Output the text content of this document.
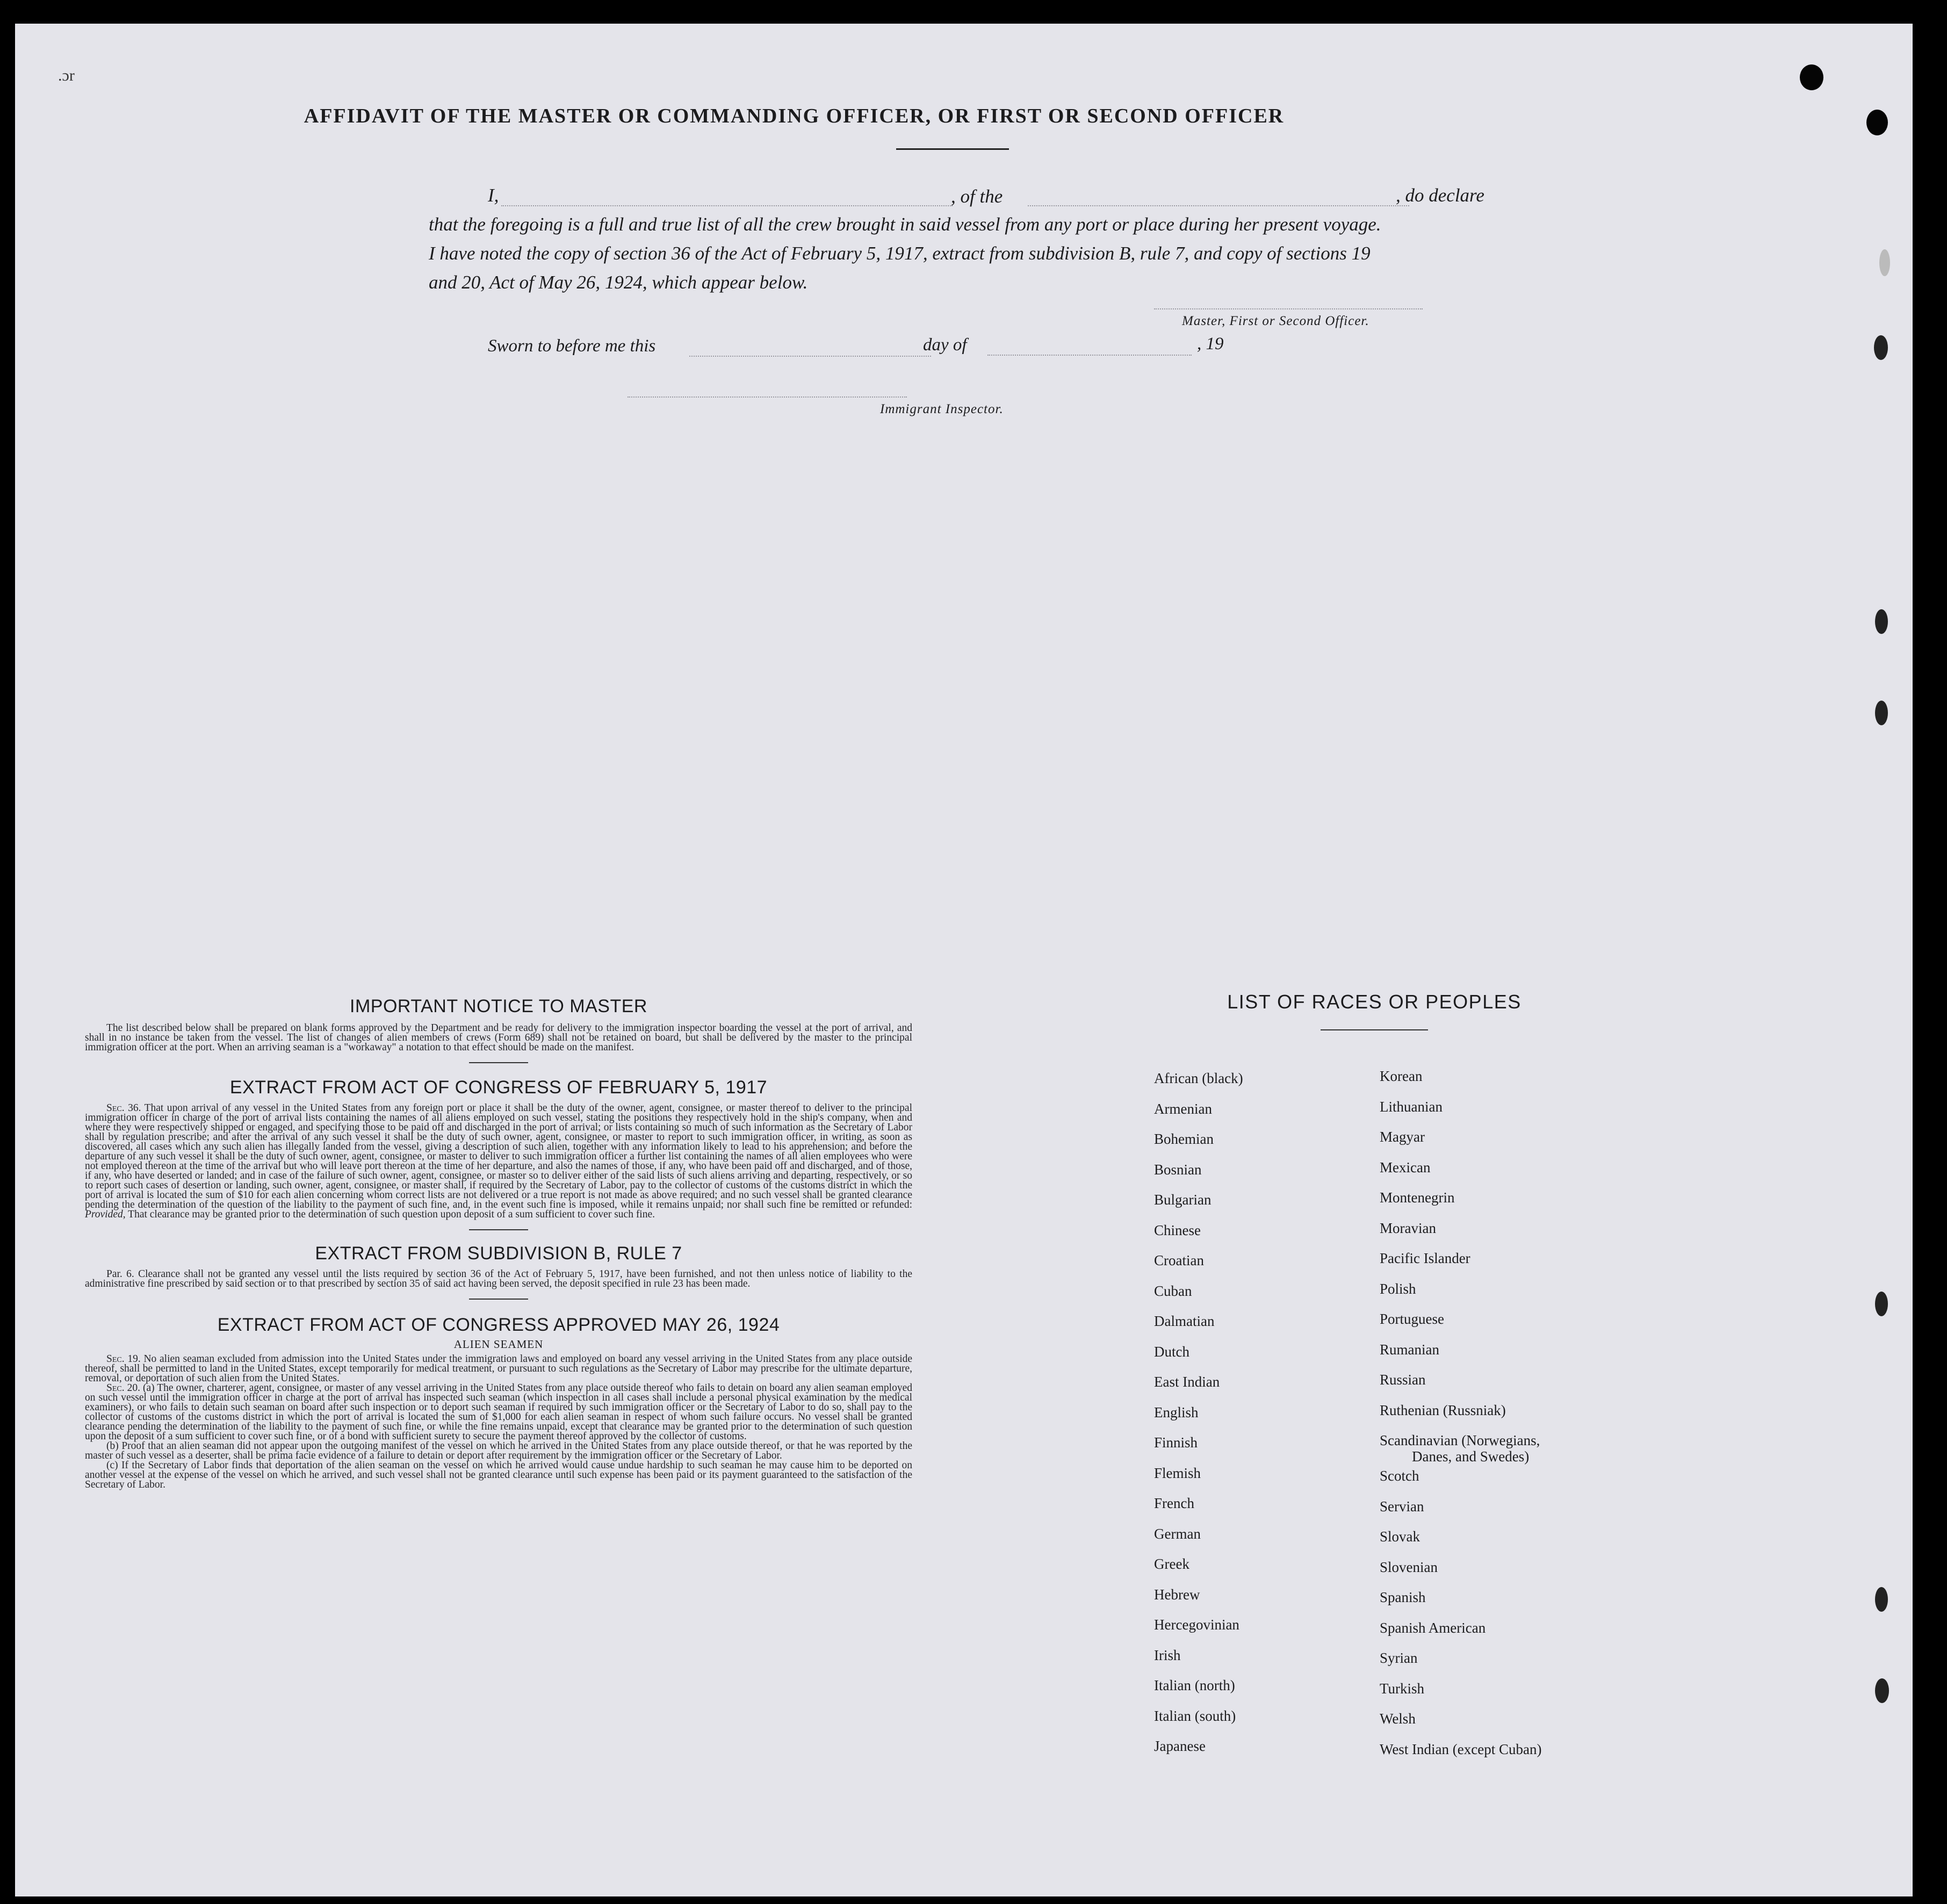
.ɔr
AFFIDAVIT OF THE MASTER OR COMMANDING OFFICER, OR FIRST OR SECOND OFFICER
I,	, of the	, do declare
that the foregoing is a full and true list of all the crew brought in said vessel from any port or place during her present voyage.
I have noted the copy of section 36 of the Act of February 5, 1917, extract from subdivision B, rule 7, and copy of sections 19
and 20, Act of May 26, 1924, which appear below.
Master, First or Second Officer.
Sworn to before me this	day of	, 19
Immigrant Inspector.
IMPORTANT NOTICE TO MASTER
The list described below shall be prepared on blank forms approved by the Department and be ready for delivery to the immigration inspector boarding the vessel at the port of arrival, and shall in no instance be taken from the vessel. The list of changes of alien members of crews (Form 689) shall not be retained on board, but shall be delivered by the master to the principal immigration officer at the port. When an arriving seaman is a "workaway" a notation to that effect should be made on the manifest.
EXTRACT FROM ACT OF CONGRESS OF FEBRUARY 5, 1917
Sec. 36. That upon arrival of any vessel in the United States from any foreign port or place it shall be the duty of the owner, agent, consignee, or master thereof to deliver to the principal immigration officer in charge of the port of arrival lists containing the names of all aliens employed on such vessel, stating the positions they respectively hold in the ship's company, when and where they were respectively shipped or engaged, and specifying those to be paid off and discharged in the port of arrival; or lists containing so much of such information as the Secretary of Labor shall by regulation prescribe; and after the arrival of any such vessel it shall be the duty of such owner, agent, consignee, or master to report to such immigration officer, in writing, as soon as discovered, all cases which any such alien has illegally landed from the vessel, giving a description of such alien, together with any information likely to lead to his apprehension; and before the departure of any such vessel it shall be the duty of such owner, agent, consignee, or master to deliver to such immigration officer a further list containing the names of all alien employees who were not employed thereon at the time of the arrival but who will leave port thereon at the time of her departure, and also the names of those, if any, who have been paid off and discharged, and of those, if any, who have deserted or landed; and in case of the failure of such owner, agent, consignee, or master so to deliver either of the said lists of such aliens arriving and departing, respectively, or so to report such cases of desertion or landing, such owner, agent, consignee, or master shall, if required by the Secretary of Labor, pay to the collector of customs of the customs district in which the port of arrival is located the sum of $10 for each alien concerning whom correct lists are not delivered or a true report is not made as above required; and no such vessel shall be granted clearance pending the determination of the question of the liability to the payment of such fine, and, in the event such fine is imposed, while it remains unpaid; nor shall such fine be remitted or refunded: Provided, That clearance may be granted prior to the determination of such question upon deposit of a sum sufficient to cover such fine.
EXTRACT FROM SUBDIVISION B, RULE 7
Par. 6. Clearance shall not be granted any vessel until the lists required by section 36 of the Act of February 5, 1917, have been furnished, and not then unless notice of liability to the administrative fine prescribed by said section or to that prescribed by section 35 of said act having been served, the deposit specified in rule 23 has been made.
EXTRACT FROM ACT OF CONGRESS APPROVED MAY 26, 1924
ALIEN SEAMEN
Sec. 19. No alien seaman excluded from admission into the United States under the immigration laws and employed on board any vessel arriving in the United States from any place outside thereof, shall be permitted to land in the United States, except temporarily for medical treatment, or pursuant to such regulations as the Secretary of Labor may prescribe for the ultimate departure, removal, or deportation of such alien from the United States.
Sec. 20. (a) The owner, charterer, agent, consignee, or master of any vessel arriving in the United States from any place outside thereof who fails to detain on board any alien seaman employed on such vessel until the immigration officer in charge at the port of arrival has inspected such seaman (which inspection in all cases shall include a personal physical examination by the medical examiners), or who fails to detain such seaman on board after such inspection or to deport such seaman if required by such immigration officer or the Secretary of Labor to do so, shall pay to the collector of customs of the customs district in which the port of arrival is located the sum of $1,000 for each alien seaman in respect of whom such failure occurs. No vessel shall be granted clearance pending the determination of the liability to the payment of such fine, or while the fine remains unpaid, except that clearance may be granted prior to the determination of such question upon the deposit of a sum sufficient to cover such fine, or of a bond with sufficient surety to secure the payment thereof approved by the collector of customs.
(b) Proof that an alien seaman did not appear upon the outgoing manifest of the vessel on which he arrived in the United States from any place outside thereof, or that he was reported by the master of such vessel as a deserter, shall be prima facie evidence of a failure to detain or deport after requirement by the immigration officer or the Secretary of Labor.
(c) If the Secretary of Labor finds that deportation of the alien seaman on the vessel on which he arrived would cause undue hardship to such seaman he may cause him to be deported on another vessel at the expense of the vessel on which he arrived, and such vessel shall not be granted clearance until such expense has been paid or its payment guaranteed to the satisfaction of the Secretary of Labor.
LIST OF RACES OR PEOPLES
African (black)
Armenian
Bohemian
Bosnian
Bulgarian
Chinese
Croatian
Cuban
Dalmatian
Dutch
East Indian
English
Finnish
Flemish
French
German
Greek
Hebrew
Hercegovinian
Irish
Italian (north)
Italian (south)
Japanese
Korean
Lithuanian
Magyar
Mexican
Montenegrin
Moravian
Pacific Islander
Polish
Portuguese
Rumanian
Russian
Ruthenian (Russniak)
Scandinavian (Norwegians,
Danes, and Swedes)
Scotch
Servian
Slovak
Slovenian
Spanish
Spanish American
Syrian
Turkish
Welsh
West Indian (except Cuban)
